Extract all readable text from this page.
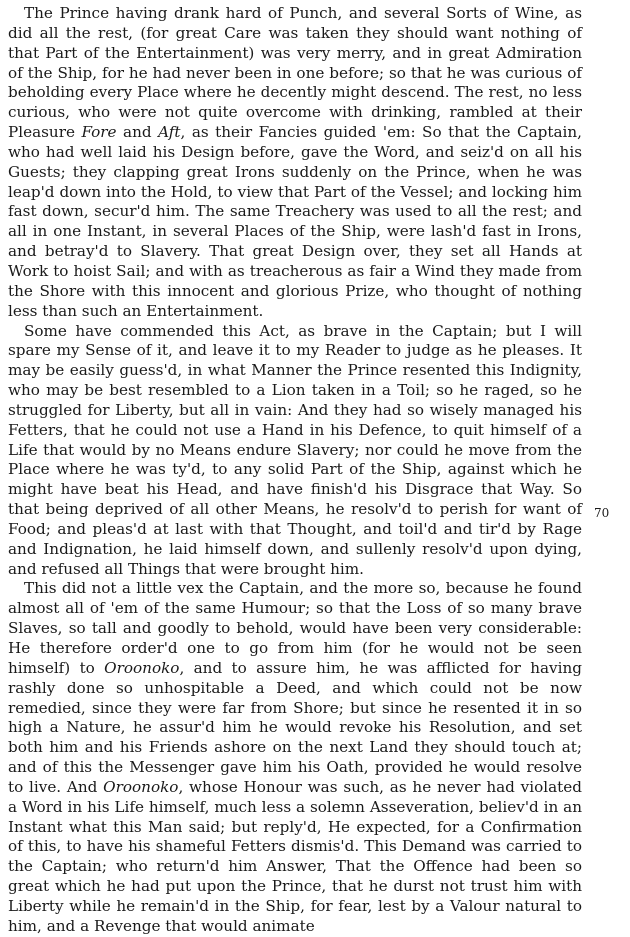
The Prince having drank hard of Punch, and several Sorts of Wine, as did all the rest, (for great Care was taken they should want nothing of that Part of the Entertainment) was very merry, and in great Admiration of the Ship, for he had never been in one before; so that he was curious of beholding every Place where he decently might descend. The rest, no less curious, who were not quite overcome with drinking, rambled at their Pleasure Fore and Aft, as their Fancies guided 'em: So that the Captain, who had well laid his Design before, gave the Word, and seiz'd on all his Guests; they clapping great Irons suddenly on the Prince, when he was leap'd down into the Hold, to view that Part of the Vessel; and locking him fast down, secur'd him. The same Treachery was used to all the rest; and all in one Instant, in several Places of the Ship, were lash'd fast in Irons, and betray'd to Slavery. That great Design over, they set all Hands at Work to hoist Sail; and with as treacherous as fair a Wind they made from the Shore with this innocent and glorious Prize, who thought of nothing less than such an Entertainment.

Some have commended this Act, as brave in the Captain; but I will spare my Sense of it, and leave it to my Reader to judge as he pleases. It may be easily guess'd, in what Manner the Prince resented this Indignity, who may be best resembled to a Lion taken in a Toil; so he raged, so he struggled for Liberty, but all in vain: And they had so wisely managed his Fetters, that he could not use a Hand in his Defence, to quit himself of a Life that would by no Means endure Slavery; nor could he move from the Place where he was ty'd, to any solid Part of the Ship, against which he might have beat his Head, and have finish'd his Disgrace that Way. So that being deprived of all other Means, he resolv'd to perish for want of Food; and pleas'd at last with that Thought, and toil'd and tir'd by Rage and Indignation, he laid himself down, and sullenly resolv'd upon dying, and refused all Things that were brought him.

This did not a little vex the Captain, and the more so, because he found almost all of 'em of the same Humour; so that the Loss of so many brave Slaves, so tall and goodly to behold, would have been very considerable: He therefore order'd one to go from him (for he would not be seen himself) to Oroonoko, and to assure him, he was afflicted for having rashly done so unhospitable a Deed, and which could not be now remedied, since they were far from Shore; but since he resented it in so high a Nature, he assur'd him he would revoke his Resolution, and set both him and his Friends ashore on the next Land they should touch at; and of this the Messenger gave him his Oath, provided he would resolve to live. And Oroonoko, whose Honour was such, as he never had violated a Word in his Life himself, much less a solemn Asseveration, believ'd in an Instant what this Man said; but reply'd, He expected, for a Confirmation of this, to have his shameful Fetters dismis'd. This Demand was carried to the Captain; who return'd him Answer, That the Offence had been so great which he had put upon the Prince, that he durst not trust him with Liberty while he remain'd in the Ship, for fear, lest by a Valour natural to him, and a Revenge that would animate

70
